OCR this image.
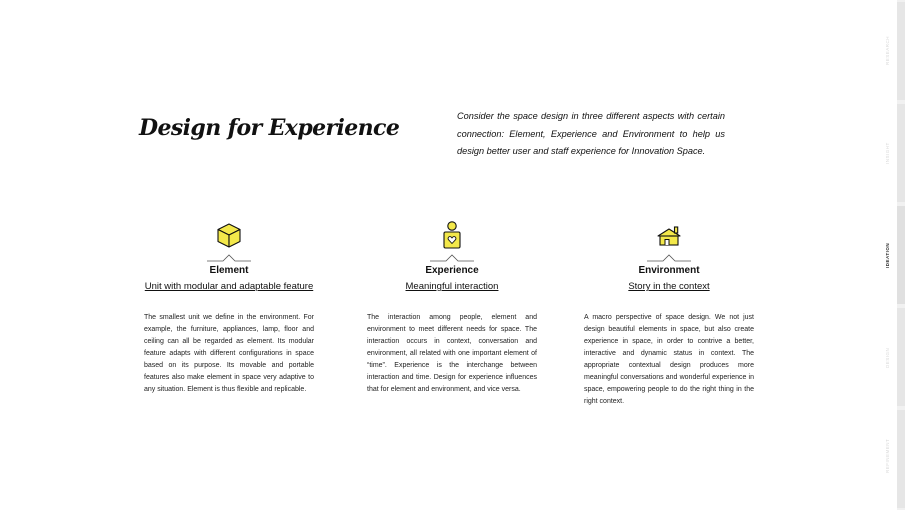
Design for Experience	Consider the space design in three different aspects with certain connection: Element, Experience and Environment to help us design better user and staff experience for Innovation Space.

Element
Unit with modular and adaptable feature
The smallest unit we define in the environment. For example, the furniture, appliances, lamp, floor and ceiling can all be regarded as element. Its modular feature adapts with different configurations in space based on its purpose. Its movable and portable features also make element in space very adaptive to any situation. Element is thus flexible and replicable.
Experience
Meaningful interaction
The interaction among people, element and environment to meet different needs for space. The interaction occurs in context, conversation and environment, all related with one important element of “time”. Experience is the interchange between interaction and time. Design for experience influences that for element and environment, and vice versa.
Environment
Story in the context
A macro perspective of space design. We not just design beautiful elements in space, but also create experience in space, in order to contrive a better, interactive and dynamic status in context. The appropriate contextual design produces more meaningful conversations and wonderful experience in space, empowering people to do the right thing in the right context.
RESEARCH
INSIGHT
IDEATION
DESIGN
REFINEMENT
